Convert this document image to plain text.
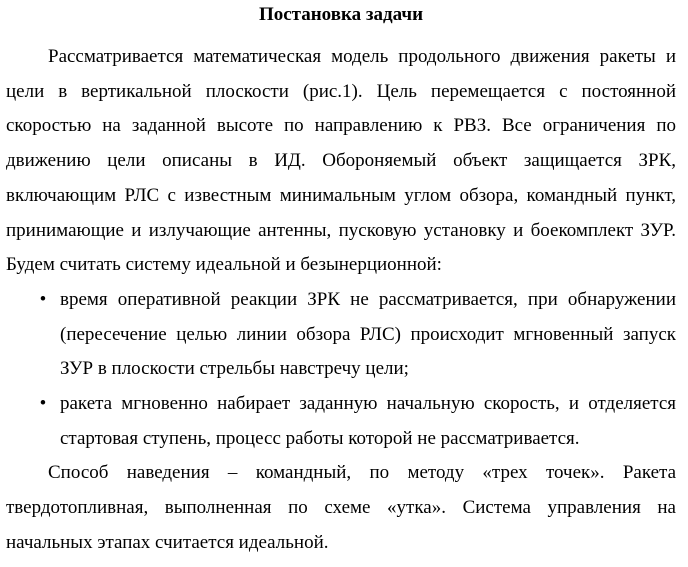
Постановка задачи

Рассматривается математическая модель продольного движения ракеты и цели в вертикальной плоскости (рис.1). Цель перемещается с постоянной скоростью на заданной высоте по направлению к РВЗ. Все ограничения по движению цели описаны в ИД. Обороняемый объект защищается ЗРК, включающим РЛС с известным минимальным углом обзора, командный пункт, принимающие и излучающие антенны, пусковую установку и боекомплект ЗУР. Будем считать систему идеальной и безынерционной:

• время оперативной реакции ЗРК не рассматривается, при обнаружении (пересечение целью линии обзора РЛС) происходит мгновенный запуск ЗУР в плоскости стрельбы навстречу цели;
• ракета мгновенно набирает заданную начальную скорость, и отделяется стартовая ступень, процесс работы которой не рассматривается.

Способ наведения – командный, по методу «трех точек». Ракета твердотопливная, выполненная по схеме «утка». Система управления на начальных этапах считается идеальной.
